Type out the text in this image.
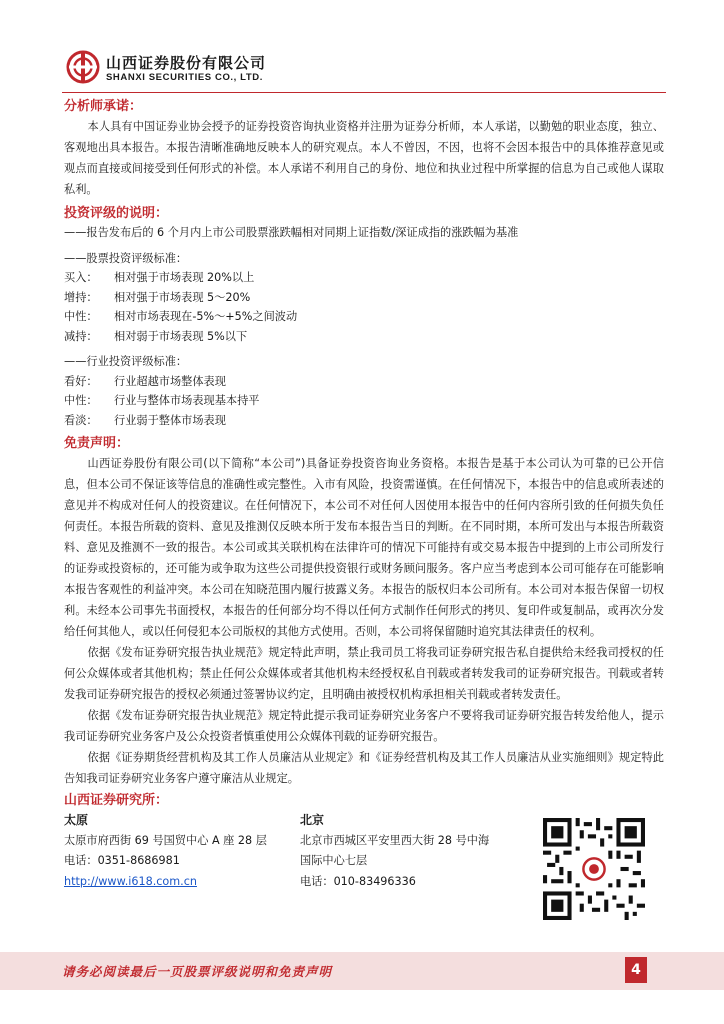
山西证券股份有限公司
SHANXI SECURITIES CO., LTD.
分析师承诺：

本人具有中国证券业协会授予的证券投资咨询执业资格并注册为证券分析师，本人承诺，以勤勉的职业态度，独立、客观地出具本报告。本报告清晰准确地反映本人的研究观点。本人不曾因，不因，也将不会因本报告中的具体推荐意见或观点而直接或间接受到任何形式的补偿。本人承诺不利用自己的身份、地位和执业过程中所掌握的信息为自己或他人谋取私利。

投资评级的说明：
——报告发布后的 6 个月内上市公司股票涨跌幅相对同期上证指数/深证成指的涨跌幅为基准
——股票投资评级标准：
买入：	相对强于市场表现 20%以上
增持：	相对强于市场表现 5～20%
中性：	相对市场表现在-5%～+5%之间波动
减持：	相对弱于市场表现 5%以下
——行业投资评级标准：
看好：	行业超越市场整体表现
中性：	行业与整体市场表现基本持平
看淡：	行业弱于整体市场表现
免责声明：

山西证券股份有限公司(以下简称“本公司”)具备证券投资咨询业务资格。本报告是基于本公司认为可靠的已公开信息，但本公司不保证该等信息的准确性或完整性。入市有风险，投资需谨慎。在任何情况下，本报告中的信息或所表述的意见并不构成对任何人的投资建议。在任何情况下，本公司不对任何人因使用本报告中的任何内容所引致的任何损失负任何责任。本报告所载的资料、意见及推测仅反映本所于发布本报告当日的判断。在不同时期，本所可发出与本报告所载资料、意见及推测不一致的报告。本公司或其关联机构在法律许可的情况下可能持有或交易本报告中提到的上市公司所发行的证券或投资标的，还可能为或争取为这些公司提供投资银行或财务顾问服务。客户应当考虑到本公司可能存在可能影响本报告客观性的利益冲突。本公司在知晓范围内履行披露义务。本报告的版权归本公司所有。本公司对本报告保留一切权利。未经本公司事先书面授权，本报告的任何部分均不得以任何方式制作任何形式的拷贝、复印件或复制品，或再次分发给任何其他人，或以任何侵犯本公司版权的其他方式使用。否则，本公司将保留随时追究其法律责任的权利。

依据《发布证券研究报告执业规范》规定特此声明，禁止我司员工将我司证券研究报告私自提供给未经我司授权的任何公众媒体或者其他机构；禁止任何公众媒体或者其他机构未经授权私自刊载或者转发我司的证券研究报告。刊载或者转发我司证券研究报告的授权必须通过签署协议约定，且明确由被授权机构承担相关刊载或者转发责任。

依据《发布证券研究报告执业规范》规定特此提示我司证券研究业务客户不要将我司证券研究报告转发给他人，提示我司证券研究业务客户及公众投资者慎重使用公众媒体刊载的证券研究报告。

依据《证券期货经营机构及其工作人员廉洁从业规定》和《证券经营机构及其工作人员廉洁从业实施细则》规定特此告知我司证券研究业务客户遵守廉洁从业规定。

山西证券研究所：
太原
太原市府西街 69 号国贸中心 A 座 28 层
电话：0351-8686981
http://www.i618.com.cn
北京
北京市西城区平安里西大街 28 号中海
国际中心七层
电话：010-83496336
请务必阅读最后一页股票评级说明和免责声明	4
